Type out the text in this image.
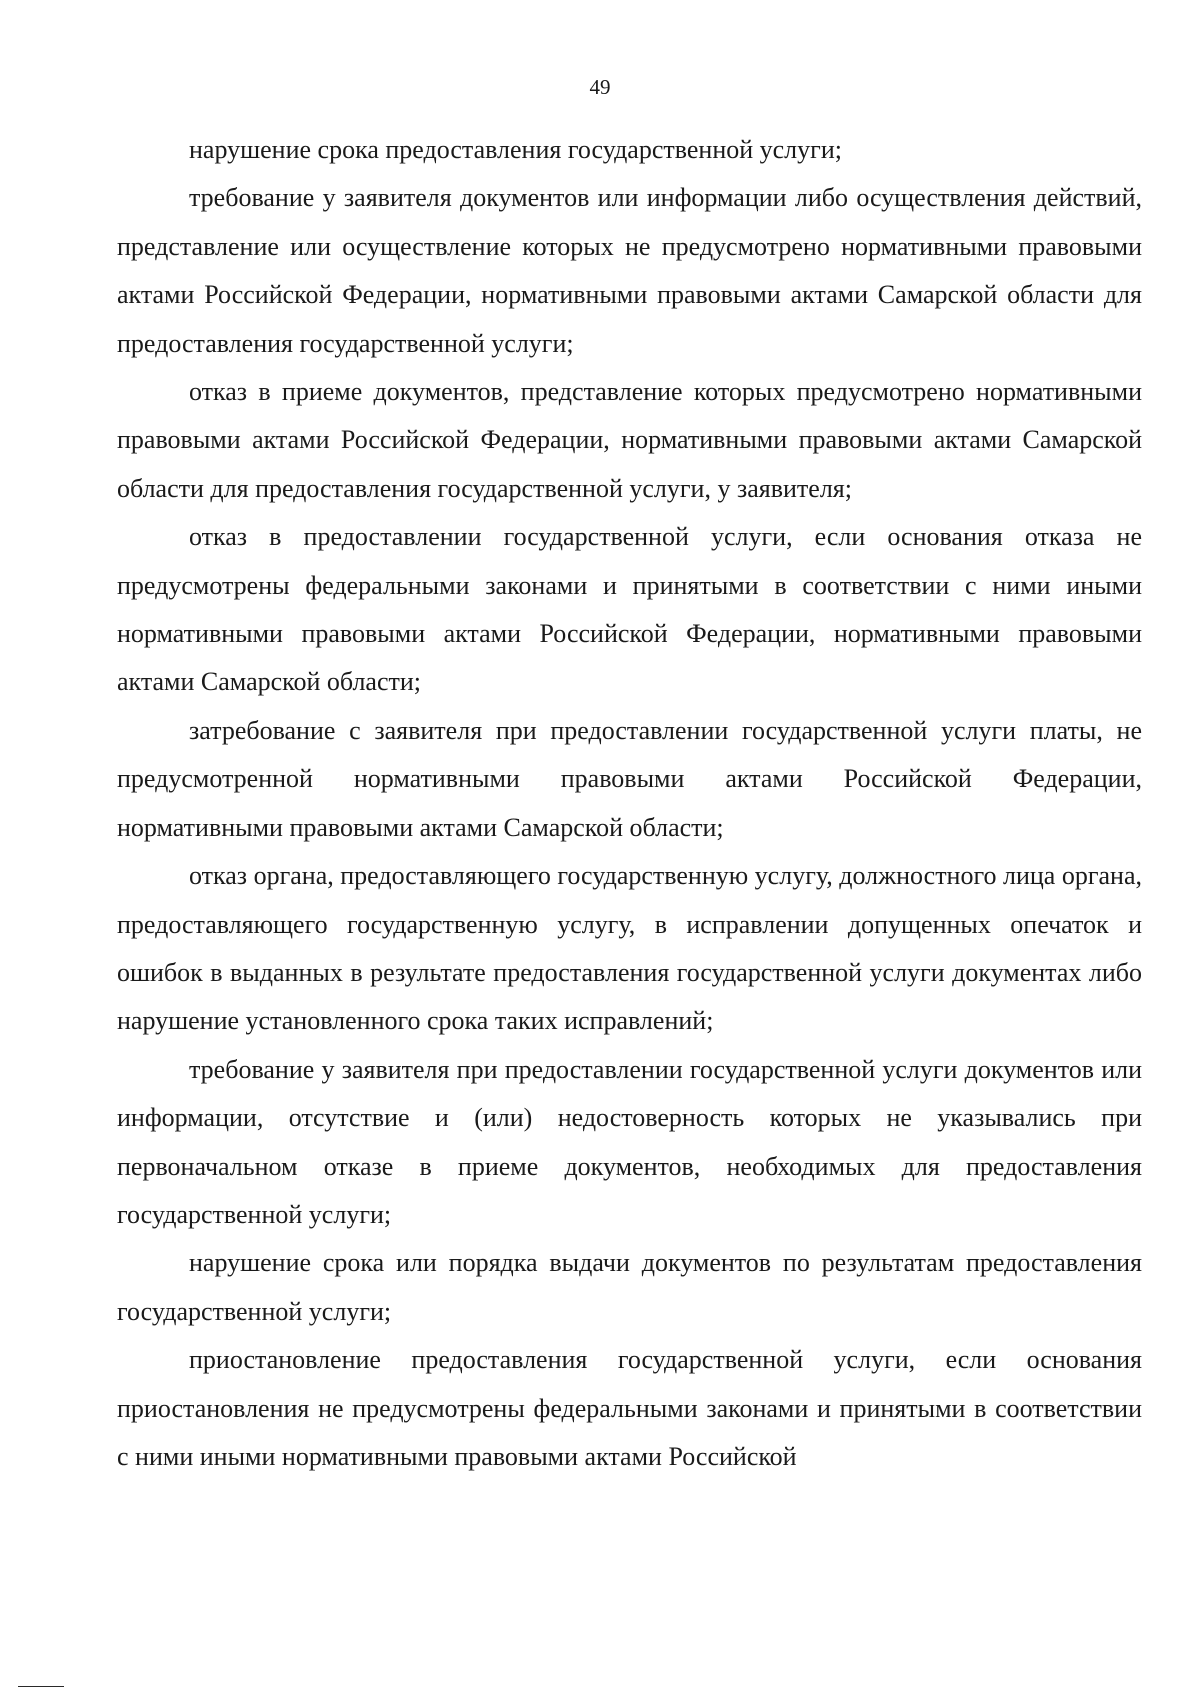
49

нарушение срока предоставления государственной услуги;

требование у заявителя документов или информации либо осуществления действий, представление или осуществление которых не предусмотрено нормативными правовыми актами Российской Федерации, нормативными правовыми актами Самарской области для предоставления государственной услуги;

отказ в приеме документов, представление которых предусмотрено нормативными правовыми актами Российской Федерации, нормативными правовыми актами Самарской области для предоставления государственной услуги, у заявителя;

отказ в предоставлении государственной услуги, если основания отказа не предусмотрены федеральными законами и принятыми в соответствии с ними иными нормативными правовыми актами Российской Федерации, нормативными правовыми актами Самарской области;

затребование с заявителя при предоставлении государственной услуги платы, не предусмотренной нормативными правовыми актами Российской Федерации, нормативными правовыми актами Самарской области;

отказ органа, предоставляющего государственную услугу, должностного лица органа, предоставляющего государственную услугу, в исправлении допущенных опечаток и ошибок в выданных в результате предоставления государственной услуги документах либо нарушение установленного срока таких исправлений;

требование у заявителя при предоставлении государственной услуги документов или информации, отсутствие и (или) недостоверность которых не указывались при первоначальном отказе в приеме документов, необходимых для предоставления государственной услуги;

нарушение срока или порядка выдачи документов по результатам предоставления государственной услуги;

приостановление предоставления государственной услуги, если основания приостановления не предусмотрены федеральными законами и принятыми в соответствии с ними иными нормативными правовыми актами Российской
